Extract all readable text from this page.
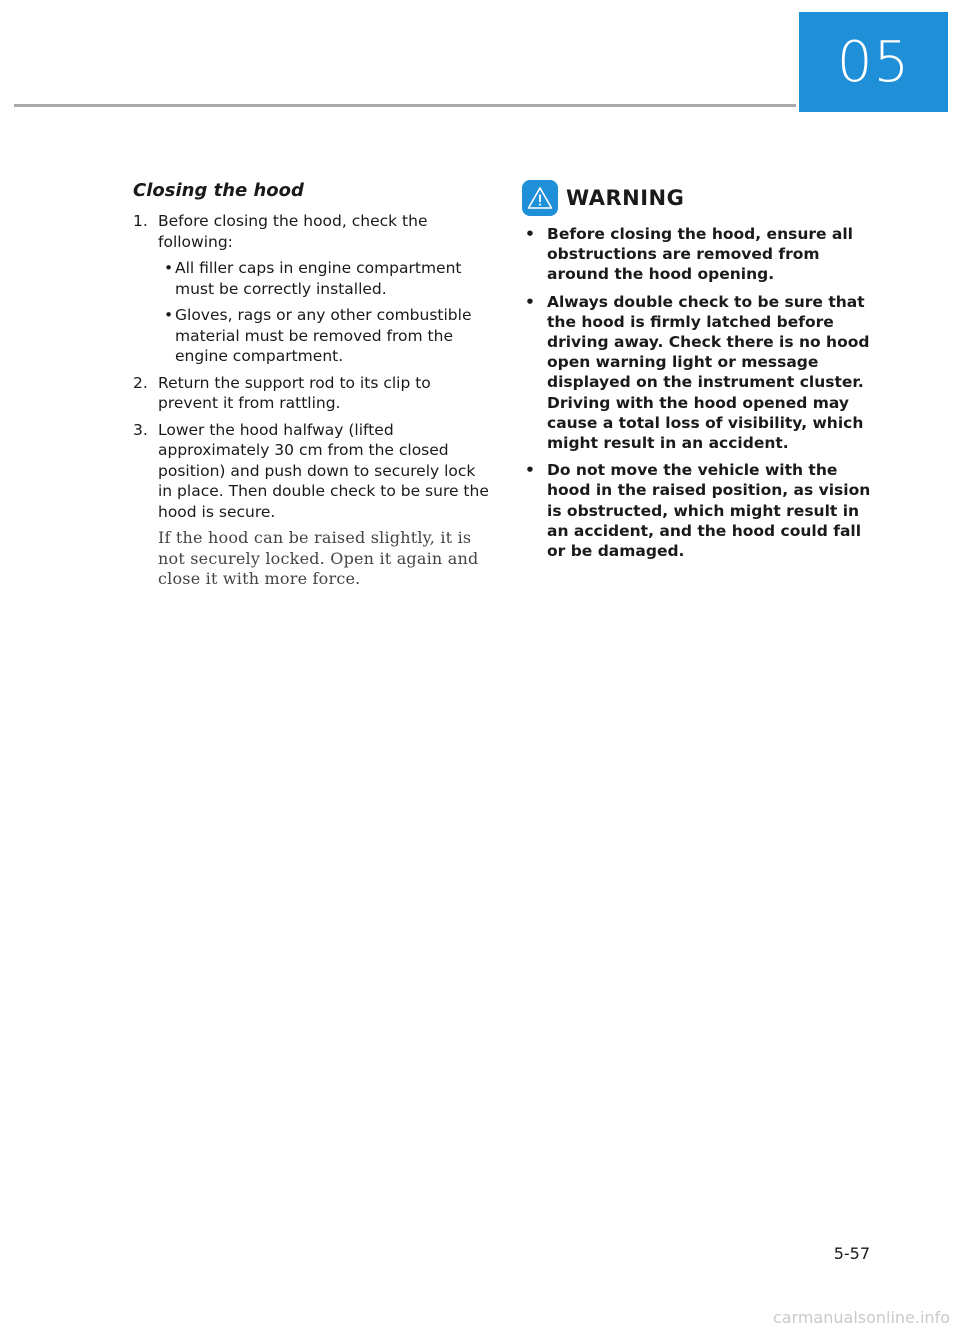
05
Closing the hood
1. Before closing the hood, check the following:
• All filler caps in engine compartment must be correctly installed.
• Gloves, rags or any other combustible material must be removed from the engine compartment.
2. Return the support rod to its clip to prevent it from rattling.
3. Lower the hood halfway (lifted approximately 30 cm from the closed position) and push down to securely lock in place. Then double check to be sure the hood is secure.

If the hood can be raised slightly, it is not securely locked. Open it again and close it with more force.

WARNING
• Before closing the hood, ensure all obstructions are removed from around the hood opening.
• Always double check to be sure that the hood is firmly latched before driving away. Check there is no hood open warning light or message displayed on the instrument cluster. Driving with the hood opened may cause a total loss of visibility, which might result in an accident.
• Do not move the vehicle with the hood in the raised position, as vision is obstructed, which might result in an accident, and the hood could fall or be damaged.
5-57
carmanualsonline.info
